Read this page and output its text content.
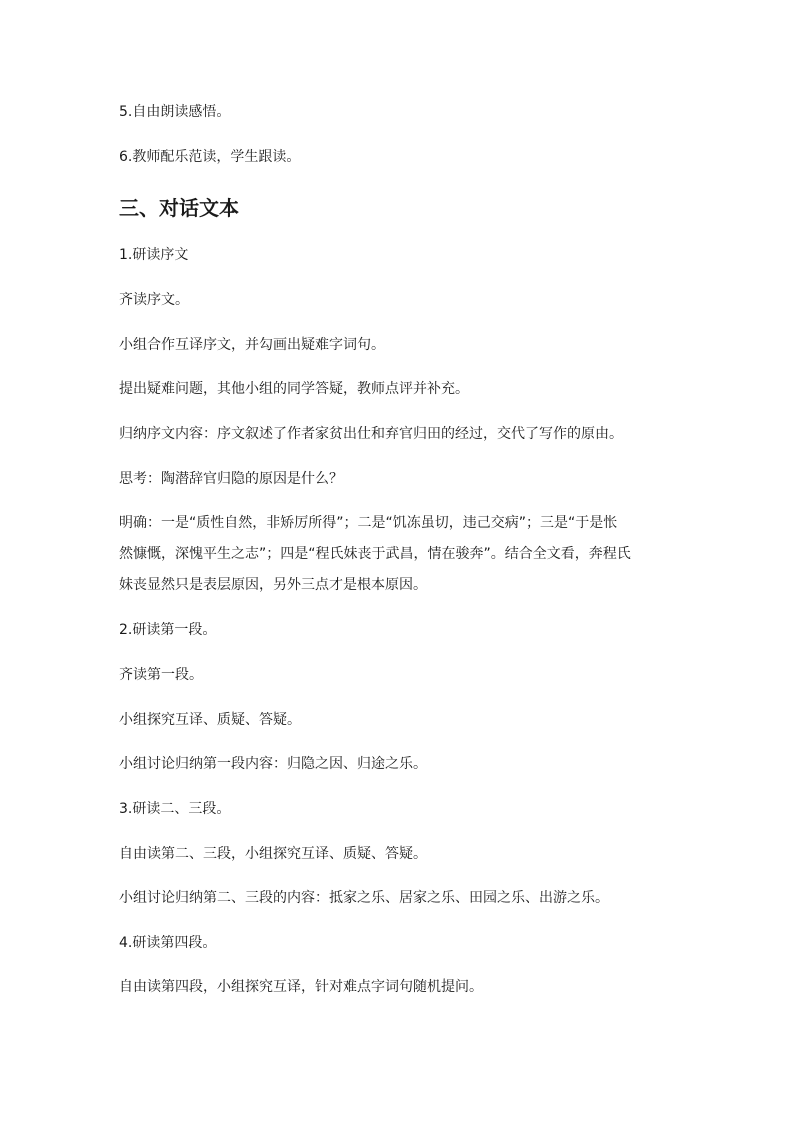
5.自由朗读感悟。

6.教师配乐范读，学生跟读。

三、对话文本

1.研读序文

齐读序文。

小组合作互译序文，并勾画出疑难字词句。

提出疑难问题，其他小组的同学答疑，教师点评并补充。

归纳序文内容：序文叙述了作者家贫出仕和弃官归田的经过，交代了写作的原由。

思考：陶潜辞官归隐的原因是什么？

明确：一是“质性自然，非矫厉所得”；二是“饥冻虽切，违己交病”；三是“于是怅
然慷慨，深愧平生之志”；四是“程氏妹丧于武昌，情在骏奔”。结合全文看，奔程氏
妹丧显然只是表层原因，另外三点才是根本原因。

2.研读第一段。

齐读第一段。

小组探究互译、质疑、答疑。

小组讨论归纳第一段内容：归隐之因、归途之乐。

3.研读二、三段。

自由读第二、三段，小组探究互译、质疑、答疑。

小组讨论归纳第二、三段的内容：抵家之乐、居家之乐、田园之乐、出游之乐。

4.研读第四段。

自由读第四段，小组探究互译，针对难点字词句随机提问。
